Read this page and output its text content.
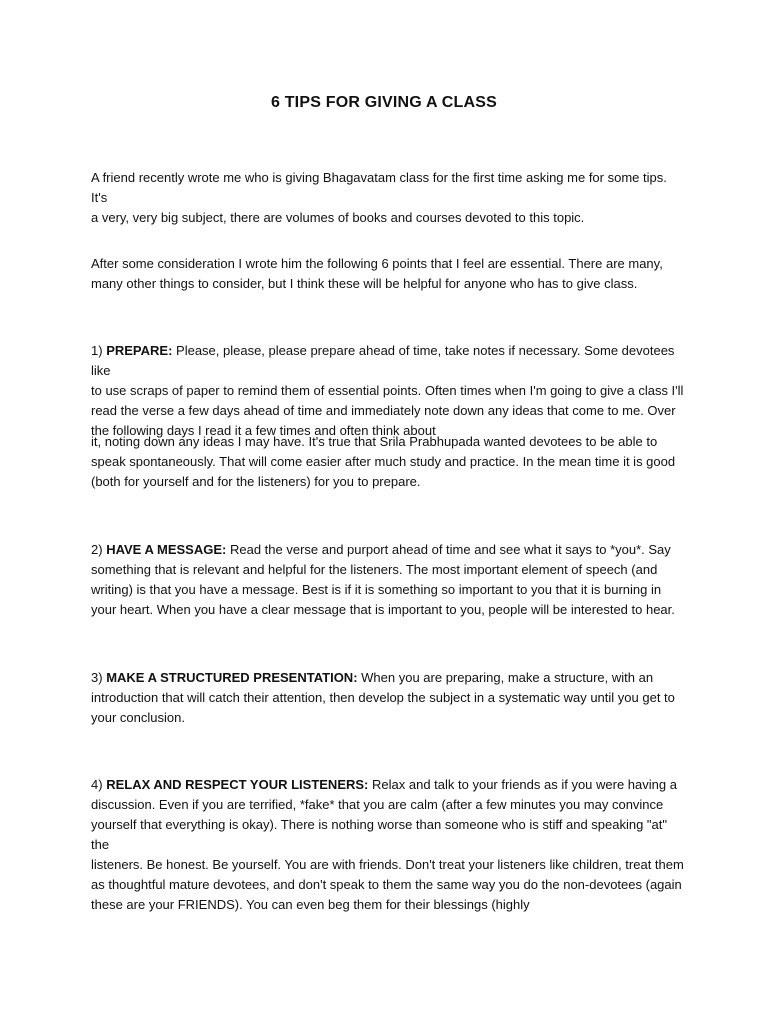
6 TIPS FOR GIVING A CLASS

A friend recently wrote me who is giving Bhagavatam class for the first time asking me for some tips. It's
a very, very big subject, there are volumes of books and courses devoted to this topic.

After some consideration I wrote him the following 6 points that I feel are essential. There are many,
many other things to consider, but I think these will be helpful for anyone who has to give class.

1) PREPARE: Please, please, please prepare ahead of time, take notes if necessary. Some devotees like
to use scraps of paper to remind them of essential points. Often times when I'm going to give a class I'll
read the verse a few days ahead of time and immediately note down any ideas that come to me. Over
the following days I read it a few times and often think about

it, noting down any ideas I may have. It's true that Srila Prabhupada wanted devotees to be able to
speak spontaneously. That will come easier after much study and practice. In the mean time it is good
(both for yourself and for the listeners) for you to prepare.

2) HAVE A MESSAGE: Read the verse and purport ahead of time and see what it says to *you*. Say
something that is relevant and helpful for the listeners. The most important element of speech (and
writing) is that you have a message. Best is if it is something so important to you that it is burning in
your heart. When you have a clear message that is important to you, people will be interested to hear.

3) MAKE A STRUCTURED PRESENTATION: When you are preparing, make a structure, with an
introduction that will catch their attention, then develop the subject in a systematic way until you get to
your conclusion.

4) RELAX AND RESPECT YOUR LISTENERS: Relax and talk to your friends as if you were having a
discussion. Even if you are terrified, *fake* that you are calm (after a few minutes you may convince
yourself that everything is okay). There is nothing worse than someone who is stiff and speaking "at" the
listeners. Be honest. Be yourself. You are with friends. Don't treat your listeners like children, treat them
as thoughtful mature devotees, and don't speak to them the same way you do the non-devotees (again
these are your FRIENDS). You can even beg them for their blessings (highly
